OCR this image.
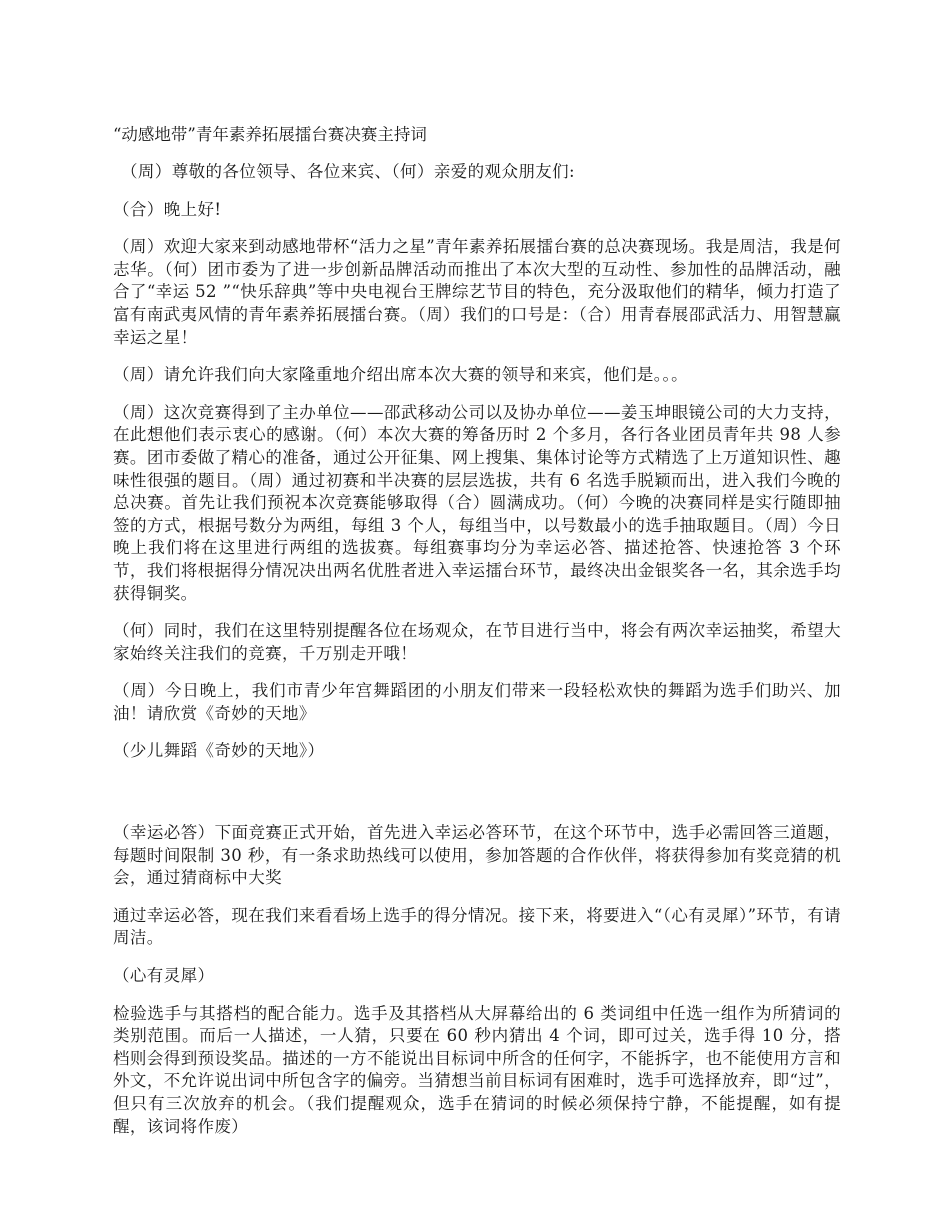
“动感地带”青年素养拓展擂台赛决赛主持词

（周）尊敬的各位领导、各位来宾、（何）亲爱的观众朋友们:

（合）晚上好!

（周）欢迎大家来到动感地带杯“活力之星”青年素养拓展擂台赛的总决赛现场。我是周洁，我是何志华。（何）团市委为了进一步创新品牌活动而推出了本次大型的互动性、参加性的品牌活动，融合了“幸运 52 ”“快乐辞典”等中央电视台王牌综艺节目的特色，充分汲取他们的精华，倾力打造了富有南武夷风情的青年素养拓展擂台赛。（周）我们的口号是：（合）用青春展邵武活力、用智慧赢幸运之星！

（周）请允许我们向大家隆重地介绍出席本次大赛的领导和来宾，他们是。。。

（周）这次竞赛得到了主办单位——邵武移动公司以及协办单位——姜玉坤眼镜公司的大力支持，在此想他们表示衷心的感谢。（何）本次大赛的筹备历时 2 个多月，各行各业团员青年共 98 人参赛。团市委做了精心的准备，通过公开征集、网上搜集、集体讨论等方式精选了上万道知识性、趣味性很强的题目。（周）通过初赛和半决赛的层层选拔，共有 6 名选手脱颖而出，进入我们今晚的总决赛。首先让我们预祝本次竞赛能够取得（合）圆满成功。（何）今晚的决赛同样是实行随即抽签的方式，根据号数分为两组，每组 3 个人，每组当中，以号数最小的选手抽取题目。（周）今日晚上我们将在这里进行两组的选拔赛。每组赛事均分为幸运必答、描述抢答、快速抢答 3 个环节，我们将根据得分情况决出两名优胜者进入幸运擂台环节，最终决出金银奖各一名，其余选手均获得铜奖。

（何）同时，我们在这里特别提醒各位在场观众，在节目进行当中，将会有两次幸运抽奖，希望大家始终关注我们的竞赛，千万别走开哦！

（周）今日晚上，我们市青少年宫舞蹈团的小朋友们带来一段轻松欢快的舞蹈为选手们助兴、加油！请欣赏《奇妙的天地》

（少儿舞蹈《奇妙的天地》）

（幸运必答）下面竞赛正式开始，首先进入幸运必答环节，在这个环节中，选手必需回答三道题，每题时间限制 30 秒，有一条求助热线可以使用，参加答题的合作伙伴，将获得参加有奖竞猜的机会，通过猜商标中大奖

通过幸运必答，现在我们来看看场上选手的得分情况。接下来，将要进入“（心有灵犀）”环节，有请周洁。

（心有灵犀）

检验选手与其搭档的配合能力。选手及其搭档从大屏幕给出的 6 类词组中任选一组作为所猜词的类别范围。而后一人描述，一人猜，只要在 60 秒内猜出 4 个词，即可过关，选手得 10 分，搭档则会得到预设奖品。描述的一方不能说出目标词中所含的任何字，不能拆字，也不能使用方言和外文，不允许说出词中所包含字的偏旁。当猜想当前目标词有困难时，选手可选择放弃，即“过”，但只有三次放弃的机会。（我们提醒观众，选手在猜词的时候必须保持宁静，不能提醒，如有提醒，该词将作废）
